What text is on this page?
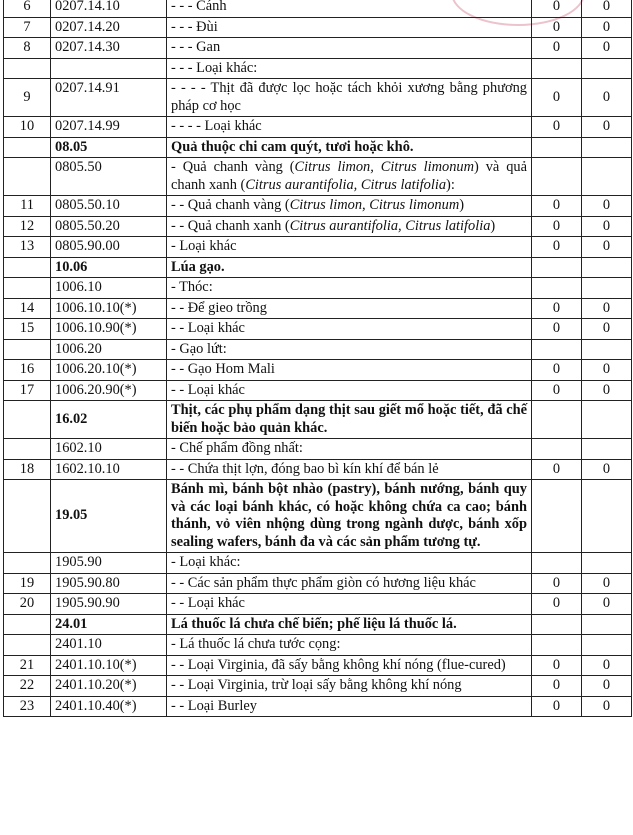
6	0207.14.10	- - - Cánh	0	0
7	0207.14.20	- - - Đùi	0	0
8	0207.14.30	- - - Gan	0	0
		- - - Loại khác:		
9	0207.14.91	- - - - Thịt đã được lọc hoặc tách khỏi xương bằng phương pháp cơ học	0	0
10	0207.14.99	- - - - Loại khác	0	0
	08.05	Quả thuộc chi cam quýt, tươi hoặc khô.		
	0805.50	- Quả chanh vàng (Citrus limon, Citrus limonum) và quả chanh xanh (Citrus aurantifolia, Citrus latifolia):		
11	0805.50.10	- - Quả chanh vàng (Citrus limon, Citrus limonum)	0	0
12	0805.50.20	- - Quả chanh xanh (Citrus aurantifolia, Citrus latifolia)	0	0
13	0805.90.00	- Loại khác	0	0
	10.06	Lúa gạo.		
	1006.10	- Thóc:		
14	1006.10.10(*)	- - Để gieo trồng	0	0
15	1006.10.90(*)	- - Loại khác	0	0
	1006.20	- Gạo lứt:		
16	1006.20.10(*)	- - Gạo Hom Mali	0	0
17	1006.20.90(*)	- - Loại khác	0	0
	16.02	Thịt, các phụ phẩm dạng thịt sau giết mổ hoặc tiết, đã chế biến hoặc bảo quản khác.		
	1602.10	- Chế phẩm đồng nhất:		
18	1602.10.10	- - Chứa thịt lợn, đóng bao bì kín khí để bán lẻ	0	0
	19.05	Bánh mì, bánh bột nhào (pastry), bánh nướng, bánh quy và các loại bánh khác, có hoặc không chứa ca cao; bánh thánh, vỏ viên nhộng dùng trong ngành dược, bánh xốp sealing wafers, bánh đa và các sản phẩm tương tự.		
	1905.90	- Loại khác:		
19	1905.90.80	- - Các sản phẩm thực phẩm giòn có hương liệu khác	0	0
20	1905.90.90	- - Loại khác	0	0
	24.01	Lá thuốc lá chưa chế biến; phế liệu lá thuốc lá.		
	2401.10	- Lá thuốc lá chưa tước cọng:		
21	2401.10.10(*)	- - Loại Virginia, đã sấy bằng không khí nóng (flue-cured)	0	0
22	2401.10.20(*)	- - Loại Virginia, trừ loại sấy bằng không khí nóng	0	0
23	2401.10.40(*)	- - Loại Burley	0	0
